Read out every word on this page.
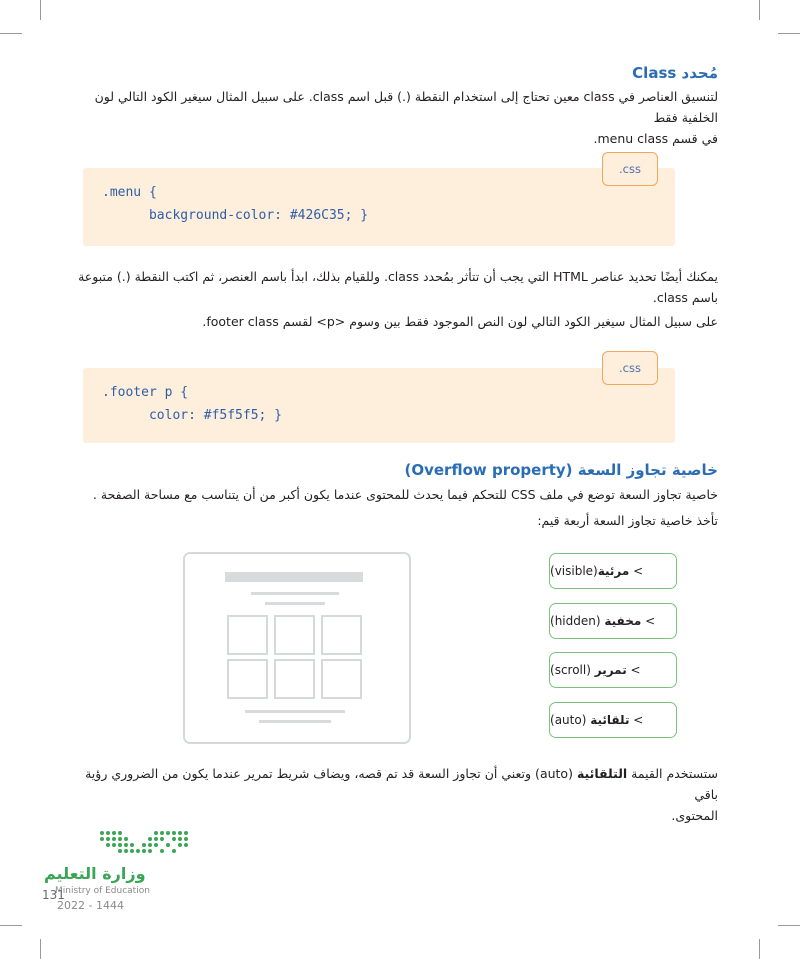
مُحدد Class
لتنسيق العناصر في class معين تحتاج إلى استخدام النقطة (.) قبل اسم class. على سبيل المثال سيغير الكود التالي لون الخلفية فقط
في قسم menu class.
.menu {
background-color: #426C35; }
.css
يمكنك أيضًا تحديد عناصر HTML التي يجب أن تتأثر بمُحدد class. وللقيام بذلك، ابدأ باسم العنصر، ثم اكتب النقطة (.) متبوعة
باسم class.
على سبيل المثال سيغير الكود التالي لون النص الموجود فقط بين وسوم <p> لقسم footer class.
.footer p {
color: #f5f5f5; }
.css
خاصية تجاوز السعة (Overflow property)
خاصية تجاوز السعة توضع في ملف CSS للتحكم فيما يحدث للمحتوى عندما يكون أكبر من أن يتناسب مع مساحة الصفحة .
تأخذ خاصية تجاوز السعة أربعة قيم:
>
مرئية
(visible)
>
مخفية

(hidden)
>
تمرير

(scroll)
>
تلقائية

(auto)
ستستخدم القيمة التلقائية (auto) وتعني أن تجاوز السعة قد تم قصه، ويضاف شريط تمرير عندما يكون من الضروري رؤية باقي
المحتوى.
وزارة التعليم
Ministry of Education
131
2022 - 1444
